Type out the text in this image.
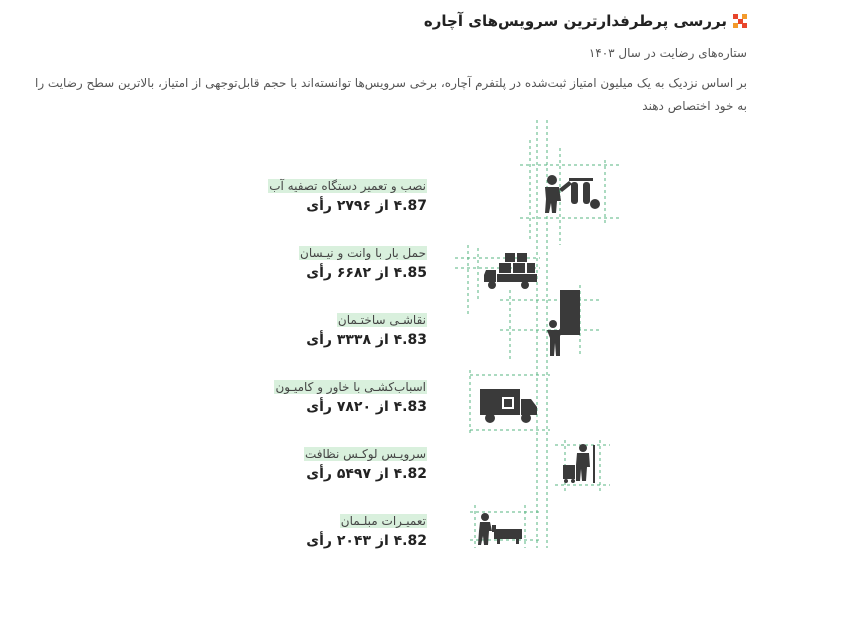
بررسی پرطرفدارترین سرویس‌های آچاره
ستاره‌های رضایت در سال ۱۴۰۳
بر اساس نزدیک به یک میلیون امتیاز ثبت‌شده در پلتفرم آچاره، برخی سرویس‌ها توانسته‌اند با حجم قابل‌توجهی از امتیاز، بالاترین سطح رضایت را به خود اختصاص دهند
نصب و تعمیر دستگاه تصفیه آب
۴.87 از ۲۷۹۶ رأی
حمل بار با وانت و نیـسان
۴.85 از ۶۶۸۲ رأی
نقاشـی ساختـمان
۴.83 از ۳۳۳۸ رأی
اسباب‌کشـی با خاور و کامیـون
۴.83 از ۷۸۲۰ رأی
سرویـس لوکـس نظافت
۴.82 از ۵۴۹۷ رأی
تعمیـرات مبلـمان
۴.82 از ۲۰۴۳ رأی
